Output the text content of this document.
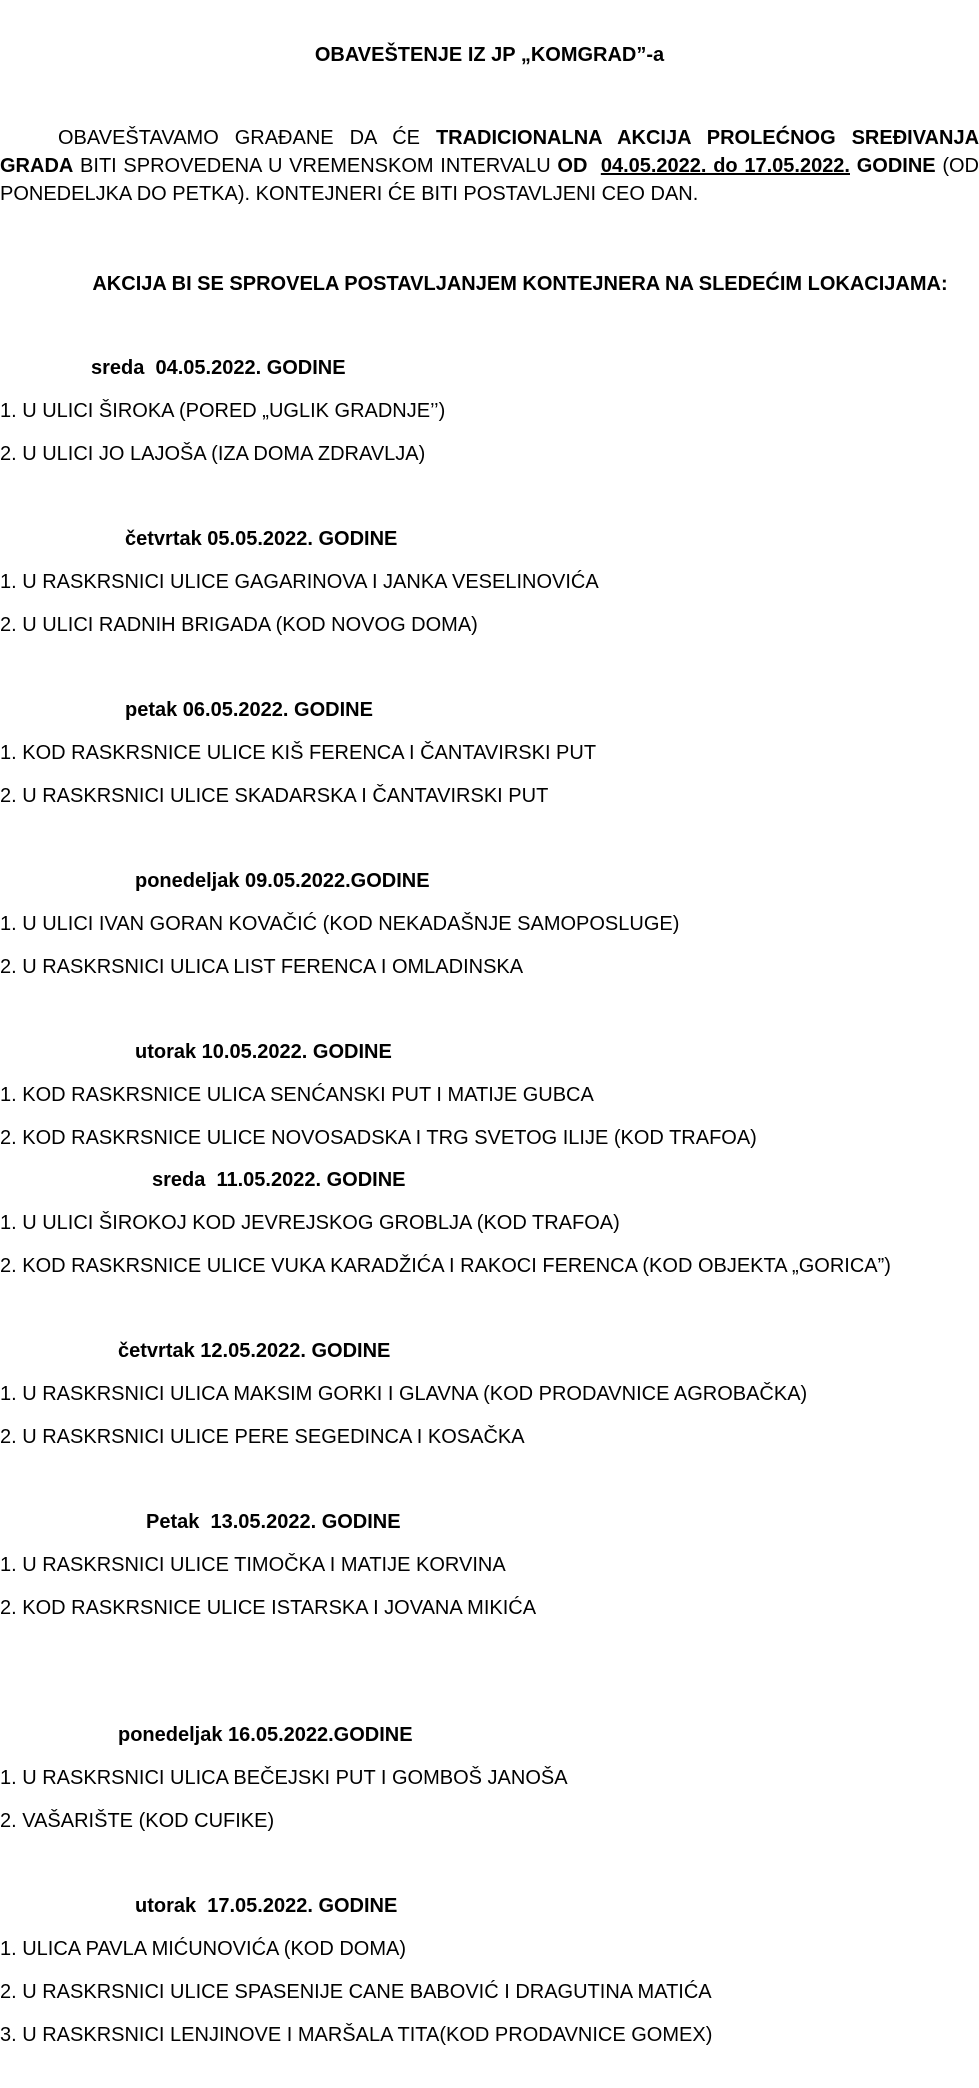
OBAVEŠTENJE IZ JP „KOMGRAD”-a
OBAVEŠTAVAMO GRAĐANE DA ĆE TRADICIONALNA AKCIJA PROLEĆNOG SREĐIVANJA GRADA BITI SPROVEDENA U VREMENSKOM INTERVALU OD 04.05.2022. do 17.05.2022. GODINE (OD PONEDELJKA DO PETKA). KONTEJNERI ĆE BITI POSTAVLJENI CEO DAN.
AKCIJA BI SE SPROVELA POSTAVLJANJEM KONTEJNERA NA SLEDEĆIM LOKACIJAMA:
sreda  04.05.2022. GODINE
1. U ULICI ŠIROKA (PORED „UGLIK GRADNJE’’)
2. U ULICI JO LAJOŠA (IZA DOMA ZDRAVLJA)
četvrtak 05.05.2022. GODINE
1. U RASKRSNICI ULICE GAGARINOVA I JANKA VESELINOVIĆA
2. U ULICI RADNIH BRIGADA (KOD NOVOG DOMA)
petak 06.05.2022. GODINE
1. KOD RASKRSNICE ULICE KIŠ FERENCA I ČANTAVIRSKI PUT
2. U RASKRSNICI ULICE SKADARSKA I ČANTAVIRSKI PUT
ponedeljak 09.05.2022.GODINE
1. U ULICI IVAN GORAN KOVAČIĆ (KOD NEKADAŠNJE SAMOPOSLUGE)
2. U RASKRSNICI ULICA LIST FERENCA I OMLADINSKA
utorak 10.05.2022. GODINE
1. KOD RASKRSNICE ULICA SENĆANSKI PUT I MATIJE GUBCA
2. KOD RASKRSNICE ULICE NOVOSADSKA I TRG SVETOG ILIJE (KOD TRAFOA)
sreda  11.05.2022. GODINE
1. U ULICI ŠIROKOJ KOD JEVREJSKOG GROBLJA (KOD TRAFOA)
2. KOD RASKRSNICE ULICE VUKA KARADŽIĆA I RAKOCI FERENCA (KOD OBJEKTA „GORICA”)
četvrtak 12.05.2022. GODINE
1. U RASKRSNICI ULICA MAKSIM GORKI I GLAVNA (KOD PRODAVNICE AGROBAČKA)
2. U RASKRSNICI ULICE PERE SEGEDINCA I KOSAČKA
Petak  13.05.2022. GODINE
1. U RASKRSNICI ULICE TIMOČKA I MATIJE KORVINA
2. KOD RASKRSNICE ULICE ISTARSKA I JOVANA MIKIĆA
ponedeljak 16.05.2022.GODINE
1. U RASKRSNICI ULICA BEČEJSKI PUT I GOMBOŠ JANOŠA
2. VAŠARIŠTE (KOD CUFIKE)
utorak  17.05.2022. GODINE
1. ULICA PAVLA MIĆUNOVIĆA (KOD DOMA)
2. U RASKRSNICI ULICE SPASENIJE CANE BABOVIĆ I DRAGUTINA MATIĆA
3. U RASKRSNICI LENJINOVE I MARŠALA TITA(KOD PRODAVNICE GOMEX)
